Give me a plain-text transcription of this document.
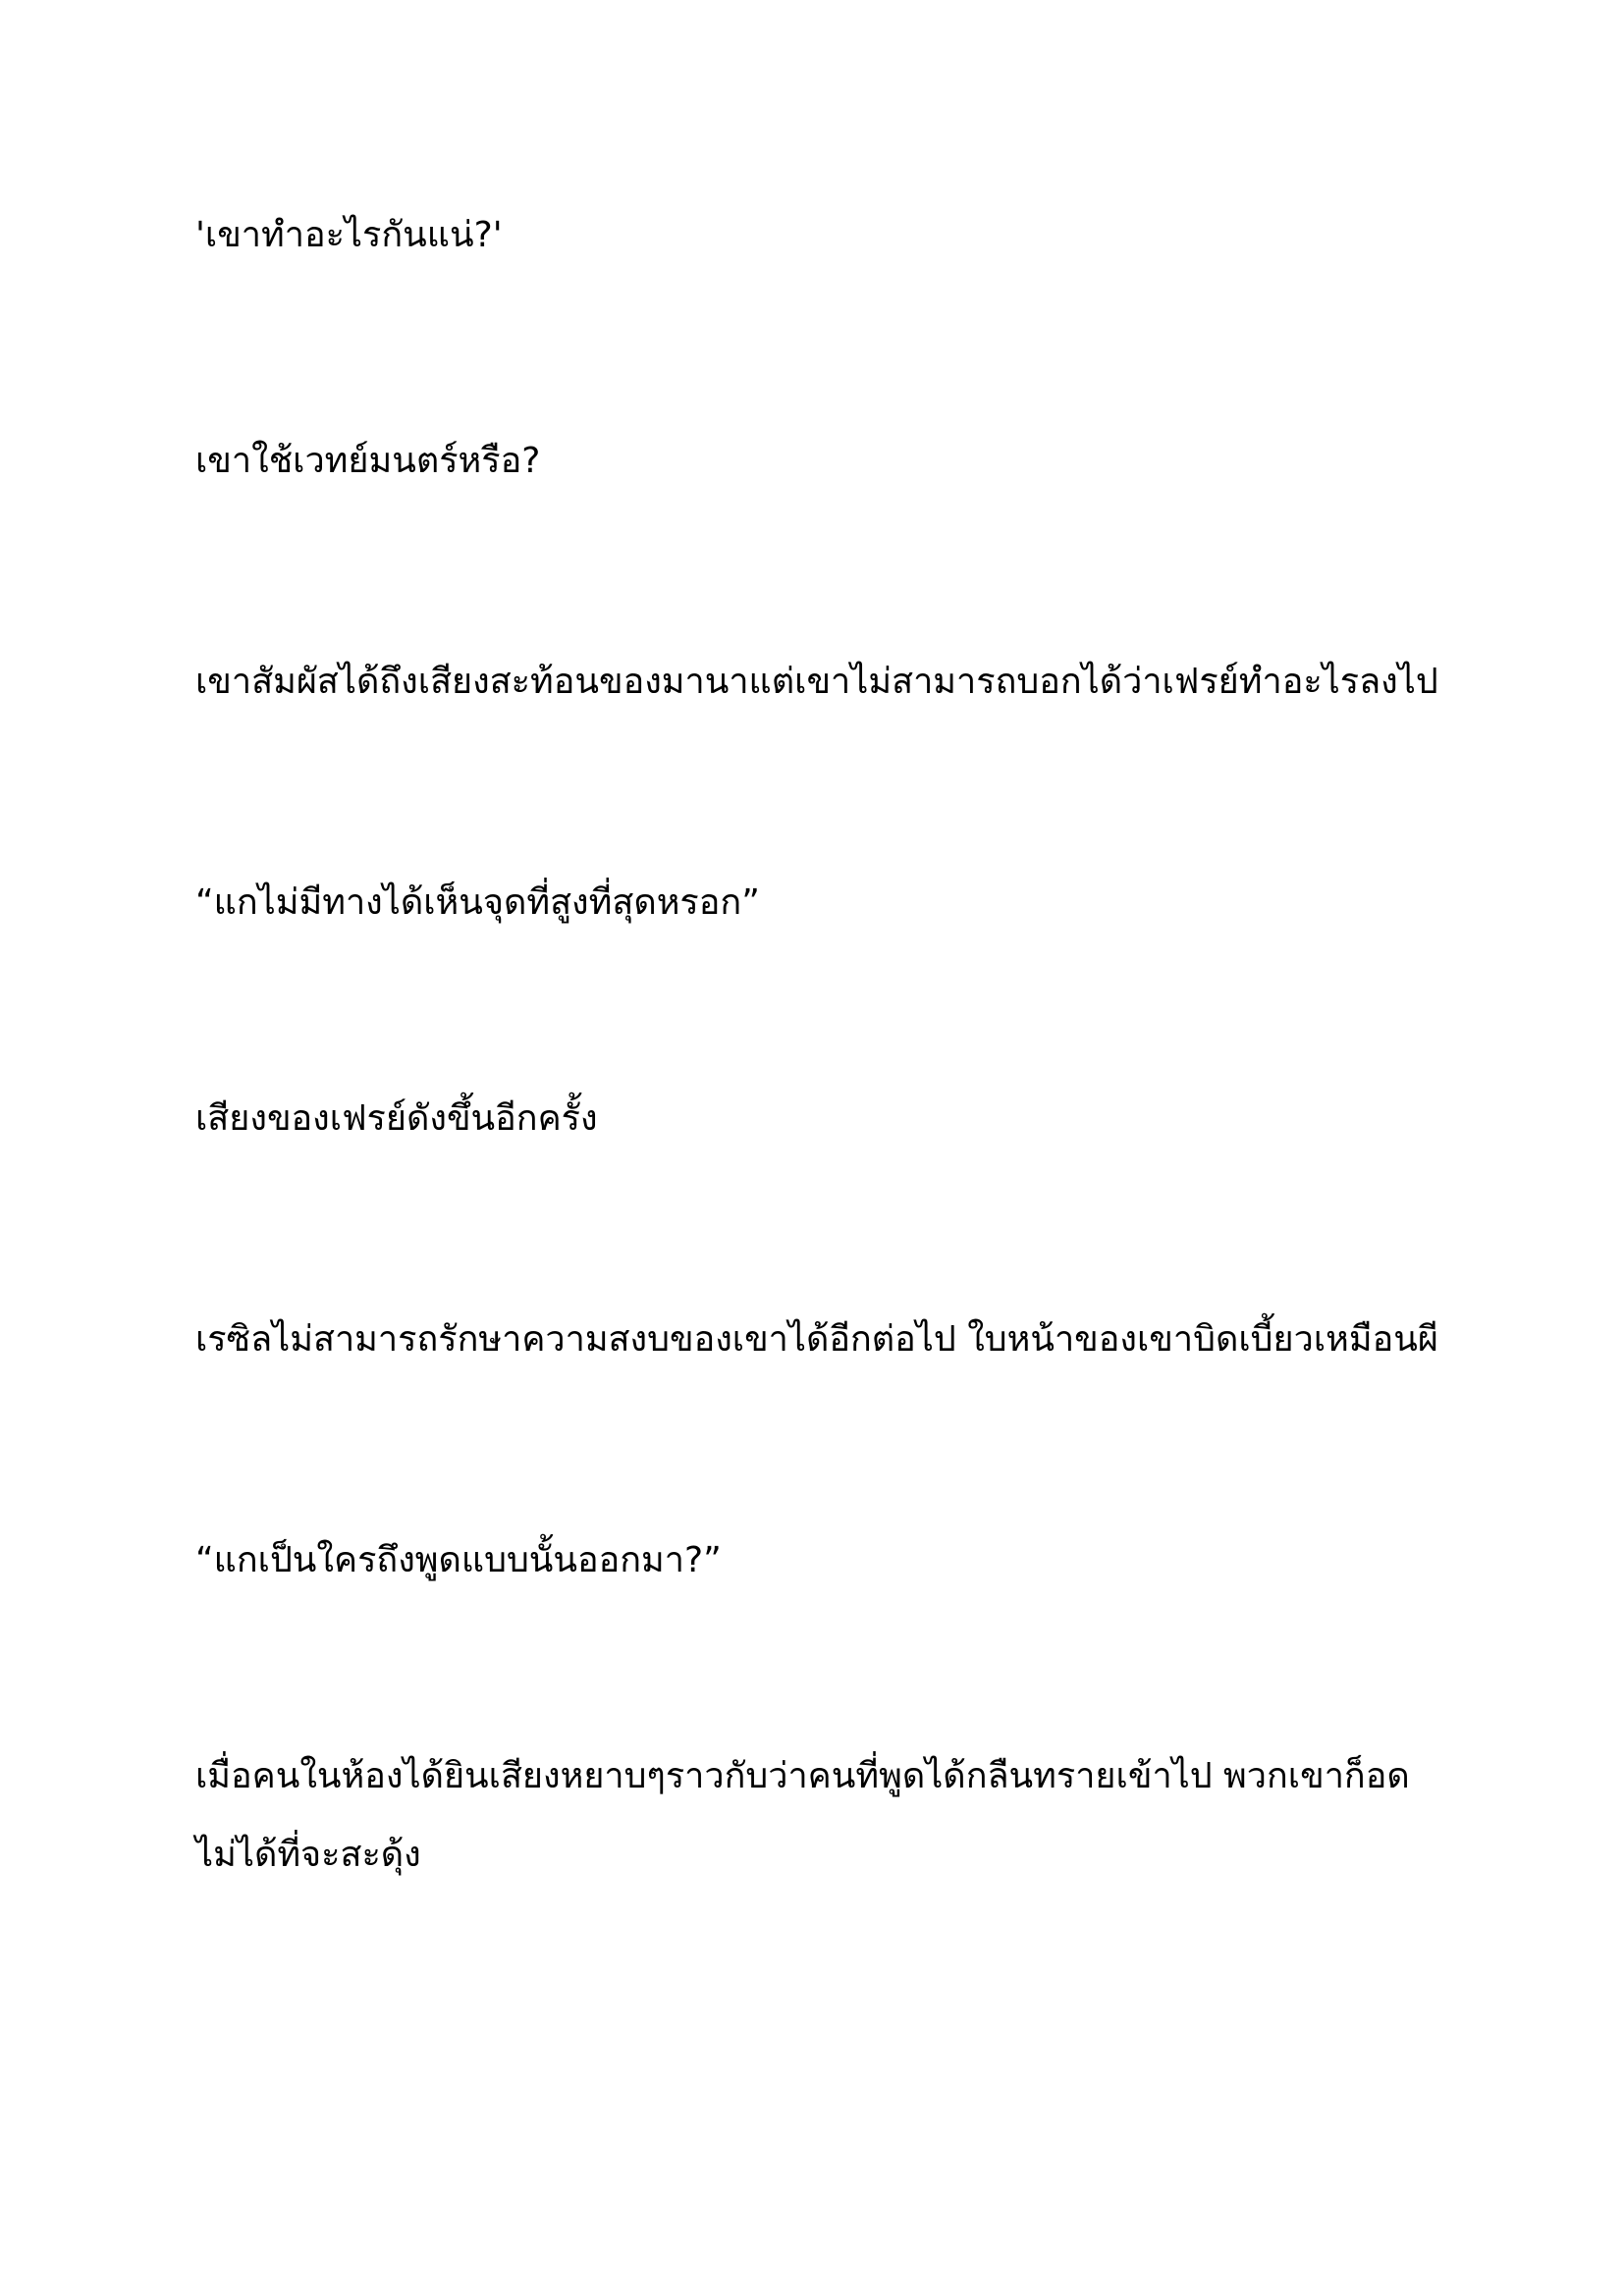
'เขาทำอะไรกันแน่?'

เขาใช้เวทย์มนตร์หรือ?

เขาสัมผัสได้ถึงเสียงสะท้อนของมานาแต่เขาไม่สามารถบอกได้ว่าเฟรย์ทำอะไรลงไป

“แกไม่มีทางได้เห็นจุดที่สูงที่สุดหรอก”

เสียงของเฟรย์ดังขึ้นอีกครั้ง

เรซิลไม่สามารถรักษาความสงบของเขาได้อีกต่อไป ใบหน้าของเขาบิดเบี้ยวเหมือนผี

“แกเป็นใครถึงพูดแบบนั้นออกมา?”

เมื่อคนในห้องได้ยินเสียงหยาบๆราวกับว่าคนที่พูดได้กลืนทรายเข้าไป พวกเขาก็อดไม่ได้ที่จะสะดุ้ง
